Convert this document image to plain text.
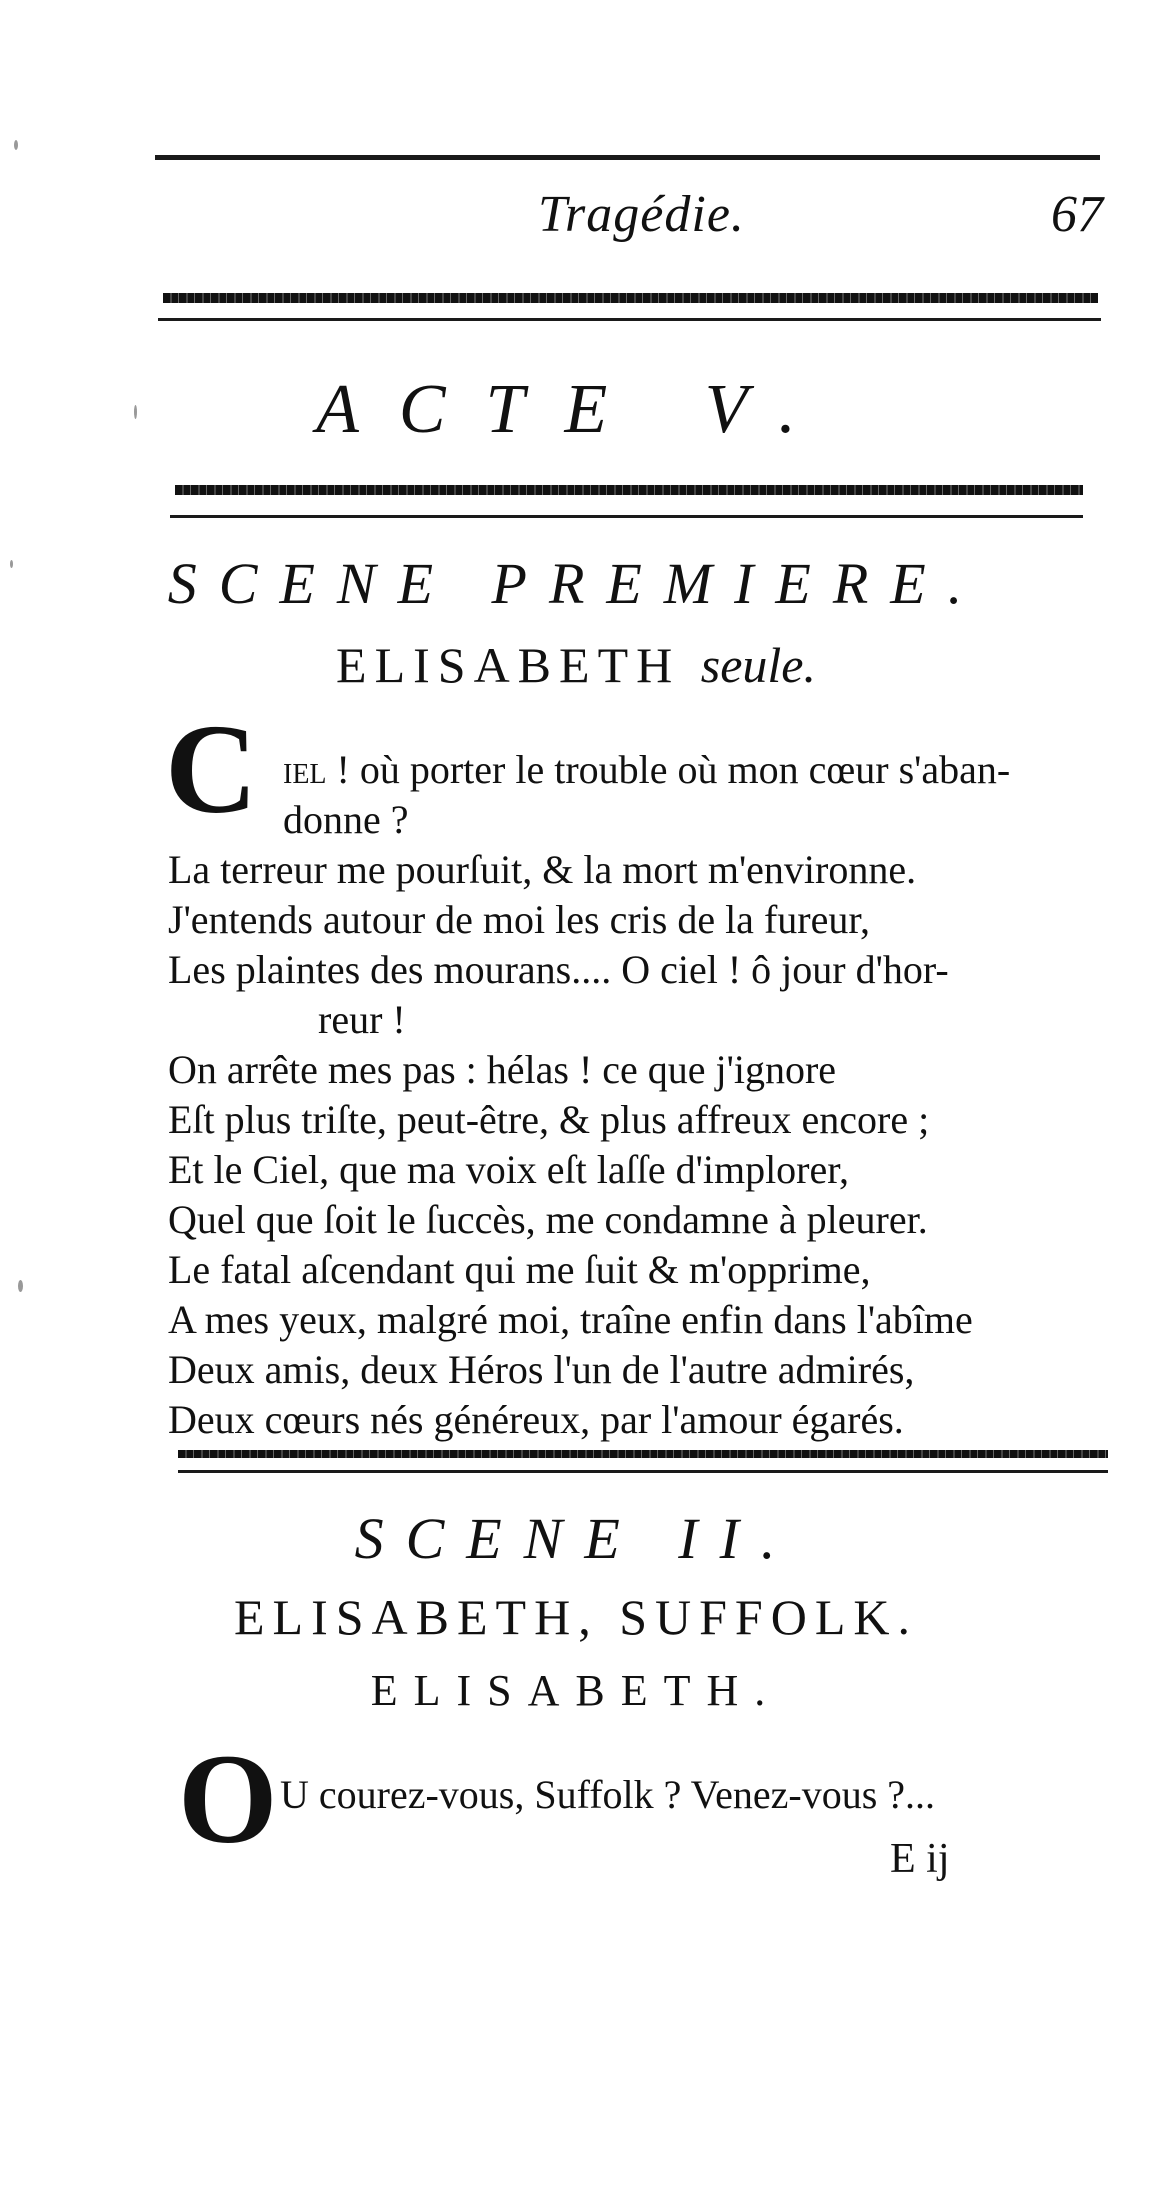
Tragédie.	67
ACTE V.
SCENE PREMIERE.
ELISABETH seule.
C iel ! où porter le trouble où mon cœur s'aban-
donne ?
La terreur me pourſuit, & la mort m'environne.
J'entends autour de moi les cris de la fureur,
Les plaintes des mourans.... O ciel ! ô jour d'hor-
reur !
On arrête mes pas : hélas ! ce que j'ignore
Eſt plus triſte, peut-être, & plus affreux encore ;
Et le Ciel, que ma voix eſt laſſe d'implorer,
Quel que ſoit le ſuccès, me condamne à pleurer.
Le fatal aſcendant qui me ſuit & m'opprime,
A mes yeux, malgré moi, traîne enfin dans l'abîme
Deux amis, deux Héros l'un de l'autre admirés,
Deux cœurs nés généreux, par l'amour égarés.
SCENE II.
ELISABETH, SUFFOLK.
ELISABETH.
O U courez-vous, Suffolk ? Venez-vous ?...
E ij
